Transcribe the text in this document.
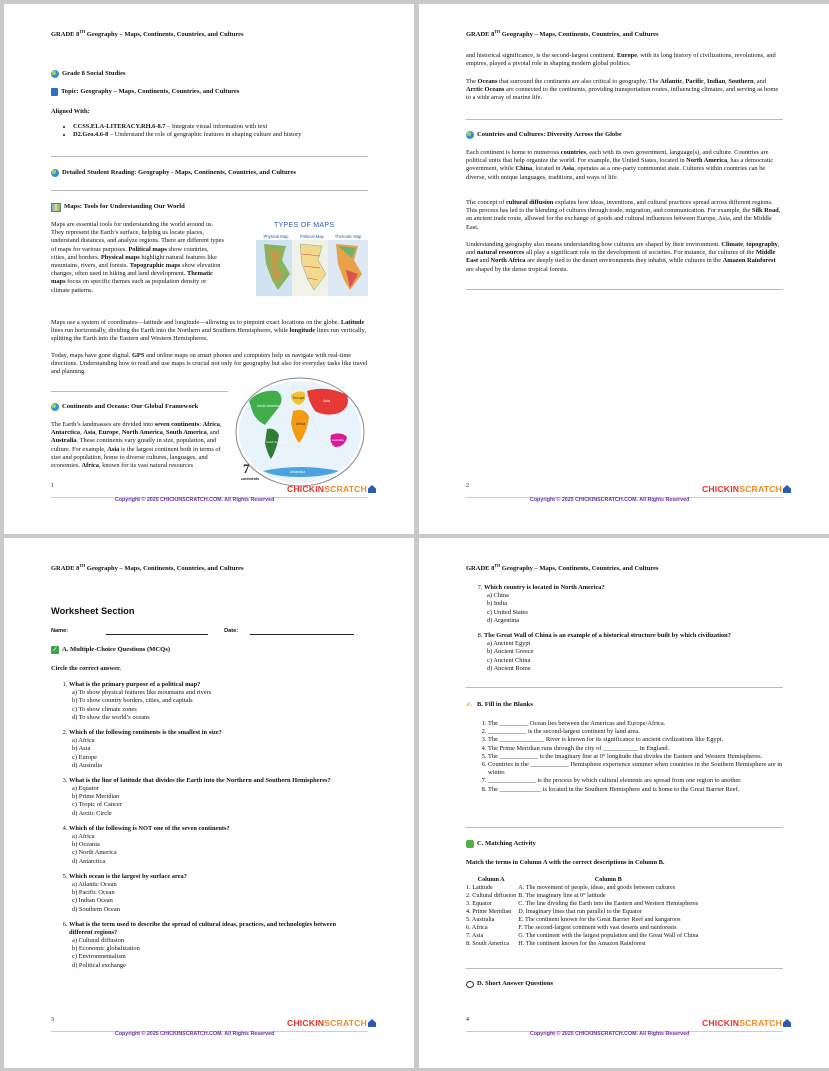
GRADE 8TH Geography – Maps, Continents, Countries, and Cultures
Grade 8 Social Studies
Topic: Geography – Maps, Continents, Countries, and Cultures

Aligned With:

• CCSS.ELA-LITERACY.RH.6-8.7 – Integrate visual information with text
• D2.Geo.4.6-8 – Understand the role of geographic features in shaping culture and history
Detailed Student Reading: Geography - Maps, Continents, Countries, and Cultures
Maps: Tools for Understanding Our World

Maps are essential tools for understanding the world around us. They represent the Earth’s surface, helping us locate places, understand distances, and analyze regions. There are different types of maps for various purposes. Political maps show countries, cities, and borders. Physical maps highlight natural features like mountains, rivers, and forests. Topographic maps show elevation changes, often used in hiking and land development. Thematic maps focus on specific themes such as population density or climate patterns.

TYPES OF MAPS
Physical Map	Political Map	Thematic Map

Maps use a system of coordinates—latitude and longitude—allowing us to pinpoint exact locations on the globe. Latitude lines run horizontally, dividing the Earth into the Northern and Southern Hemispheres, while longitude lines run vertically, splitting the Earth into the Eastern and Western Hemispheres.

Today, maps have gone digital. GPS and online maps on smart phones and computers help us navigate with real-time directions. Understanding how to read and use maps is crucial not only for geography but also for everyday tasks like travel and planning.

Continents and Oceans: Our Global Framework

The Earth’s landmasses are divided into seven continents: Africa, Antarctica, Asia, Europe, North America, South America, and Australia. These continents vary greatly in size, population, and culture. For example, Asia is the largest continent both in terms of size and population, home to diverse cultures, languages, and economies. Africa, known for its vast natural resources

North America
Europe
Asia
Africa
South America	Australia
Antarctica
7
continents
1
Copyright © 2025 CHICKINSCRATCH.COM. All Rights Reserved
CHICKINSCRATCH
GRADE 8TH Geography – Maps, Continents, Countries, and Cultures

and historical significance, is the second-largest continent. Europe, with its long history of civilizations, revolutions, and empires, played a pivotal role in shaping modern global politics.

The Oceans that surround the continents are also critical to geography. The Atlantic, Pacific, Indian, Southern, and Arctic Oceans are connected to the continents, providing transportation routes, influencing climates, and serving as home to a wide array of marine life.

Countries and Cultures: Diversity Across the Globe

Each continent is home to numerous countries, each with its own government, language(s), and culture. Countries are political units that help organize the world. For example, the United States, located in North America, has a democratic government, while China, located in Asia, operates as a one-party communist state. Cultures within countries can be diverse, with unique languages, traditions, and ways of life.

The concept of cultural diffusion explains how ideas, inventions, and cultural practices spread across different regions. This process has led to the blending of cultures through trade, migration, and communication. For example, the Silk Road, an ancient trade route, allowed for the exchange of goods and cultural influences between Europe, Asia, and the Middle East.

Understanding geography also means understanding how cultures are shaped by their environment. Climate, topography, and natural resources all play a significant role in the development of societies. For instance, the cultures of the Middle East and North Africa are deeply tied to the desert environments they inhabit, while cultures in the Amazon Rainforest are shaped by the dense tropical forests.

2
Copyright © 2025 CHICKINSCRATCH.COM. All Rights Reserved
CHICKINSCRATCH
GRADE 8TH Geography – Maps, Continents, Countries, and Cultures
Worksheet Section
Name:	Date:
✓ A. Multiple-Choice Questions (MCQs)

Circle the correct answer.

1. What is the primary purpose of a political map?
a) To show physical features like mountains and rivers
b) To show country borders, cities, and capitals
c) To show climate zones
d) To show the world’s oceans
2. Which of the following continents is the smallest in size?
a) Africa
b) Asia
c) Europe
d) Australia
3. What is the line of latitude that divides the Earth into the Northern and Southern Hemispheres?
a) Equator
b) Prime Meridian
c) Tropic of Cancer
d) Arctic Circle
4. Which of the following is NOT one of the seven continents?
a) Africa
b) Oceania
c) North America
d) Antarctica
5. Which ocean is the largest by surface area?
a) Atlantic Ocean
b) Pacific Ocean
c) Indian Ocean
d) Southern Ocean
6. What is the term used to describe the spread of cultural ideas, practices, and technologies between different regions?
a) Cultural diffusion
b) Economic globalization
c) Environmentalism
d) Political exchange
3
Copyright © 2025 CHICKINSCRATCH.COM. All Rights Reserved
CHICKINSCRATCH
GRADE 8TH Geography – Maps, Continents, Countries, and Cultures
7. Which country is located in North America?
a) China
b) India
c) United States
d) Argentina
8. The Great Wall of China is an example of a historical structure built by which civilization?
a) Ancient Egypt
b) Ancient Greece
c) Ancient China
d) Ancient Rome
✍ B. Fill in the Blanks
1. The _________ Ocean lies between the Americas and Europe/Africa.
2. ____________ is the second-largest continent by land area.
3. The ______________ River is known for its significance to ancient civilizations like Egypt.
4. The Prime Meridian runs through the city of ___________ in England.
5. The ____________ is the imaginary line at 0° longitude that divides the Eastern and Western Hemispheres.
6. Countries in the ____________ Hemisphere experience summer when countries in the Southern Hemisphere are in winter.
7. _______________ is the process by which cultural elements are spread from one region to another.
8. The _____________ is located in the Southern Hemisphere and is home to the Great Barrier Reef.
C. Matching Activity

Match the terms in Column A with the correct descriptions in Column B.

Column A	Column B
1. Latitude	A. The movement of people, ideas, and goods between cultures
2. Cultural diffusion	B. The imaginary line at 0° latitude
3. Equator	C. The line dividing the Earth into the Eastern and Western Hemispheres
4. Prime Meridian	D. Imaginary lines that run parallel to the Equator
5. Australia	E. The continent known for the Great Barrier Reef and kangaroos
6. Africa	F. The second-largest continent with vast deserts and rainforests
7. Asia	G. The continent with the largest population and the Great Wall of China
8. South America	H. The continent known for the Amazon Rainforest
D. Short Answer Questions
4
Copyright © 2025 CHICKINSCRATCH.COM. All Rights Reserved
CHICKINSCRATCH
